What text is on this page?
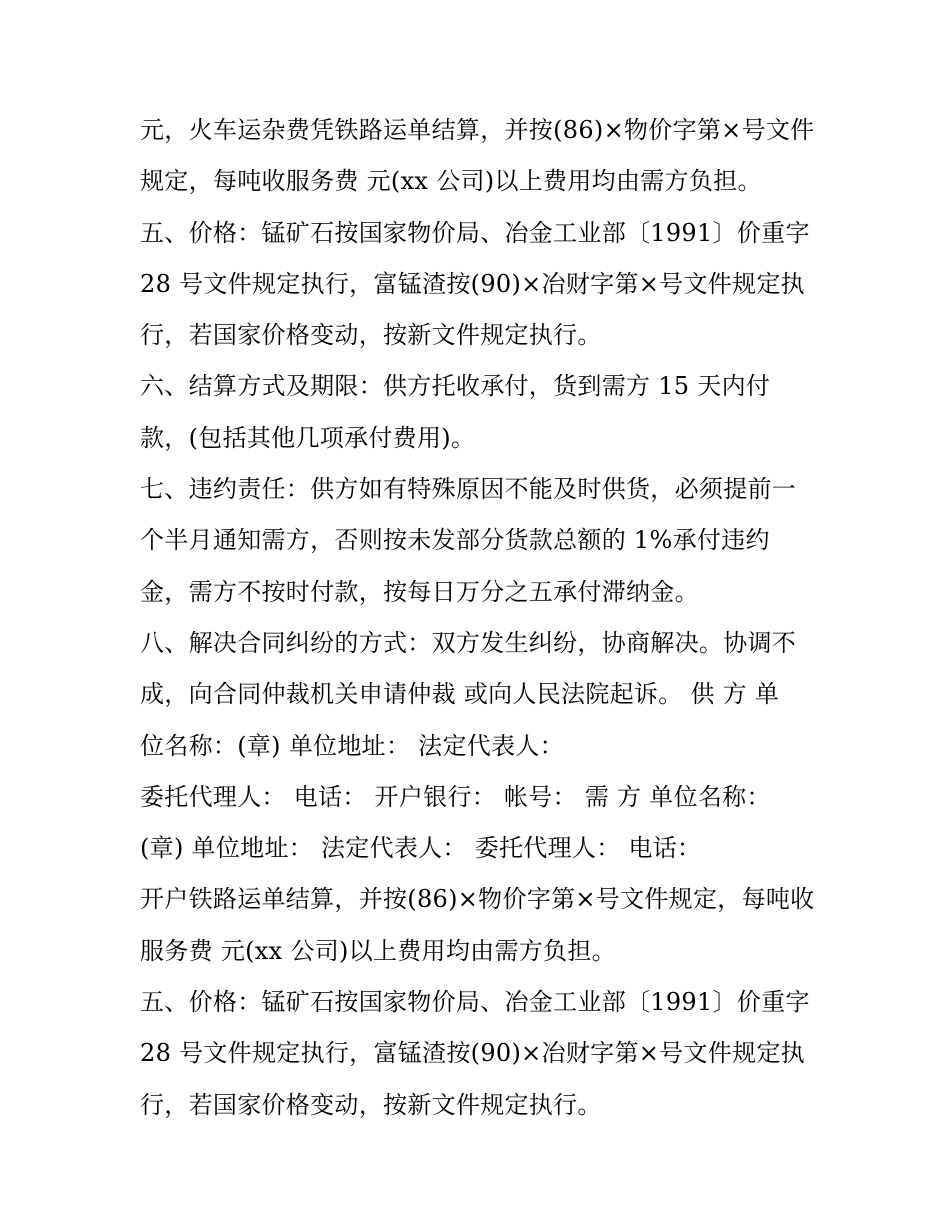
元，火车运杂费凭铁路运单结算，并按(86)×物价字第×号文件
规定，每吨收服务费 元(xx 公司)以上费用均由需方负担。
五、价格：锰矿石按国家物价局、冶金工业部〔1991〕价重字
28 号文件规定执行，富锰渣按(90)×冶财字第×号文件规定执
行，若国家价格变动，按新文件规定执行。
六、结算方式及期限：供方托收承付，货到需方 15 天内付
款，(包括其他几项承付费用)。
七、违约责任：供方如有特殊原因不能及时供货，必须提前一
个半月通知需方，否则按未发部分货款总额的 1%承付违约
金，需方不按时付款，按每日万分之五承付滞纳金。
八、解决合同纠纷的方式：双方发生纠纷，协商解决。协调不
成，向合同仲裁机关申请仲裁 或向人民法院起诉。 供 方 单
位名称：(章) 单位地址： 法定代表人：
委托代理人： 电话： 开户银行： 帐号： 需 方 单位名称：
(章) 单位地址： 法定代表人： 委托代理人： 电话：
开户铁路运单结算，并按(86)×物价字第×号文件规定，每吨收
服务费 元(xx 公司)以上费用均由需方负担。
五、价格：锰矿石按国家物价局、冶金工业部〔1991〕价重字
28 号文件规定执行，富锰渣按(90)×冶财字第×号文件规定执
行，若国家价格变动，按新文件规定执行。
